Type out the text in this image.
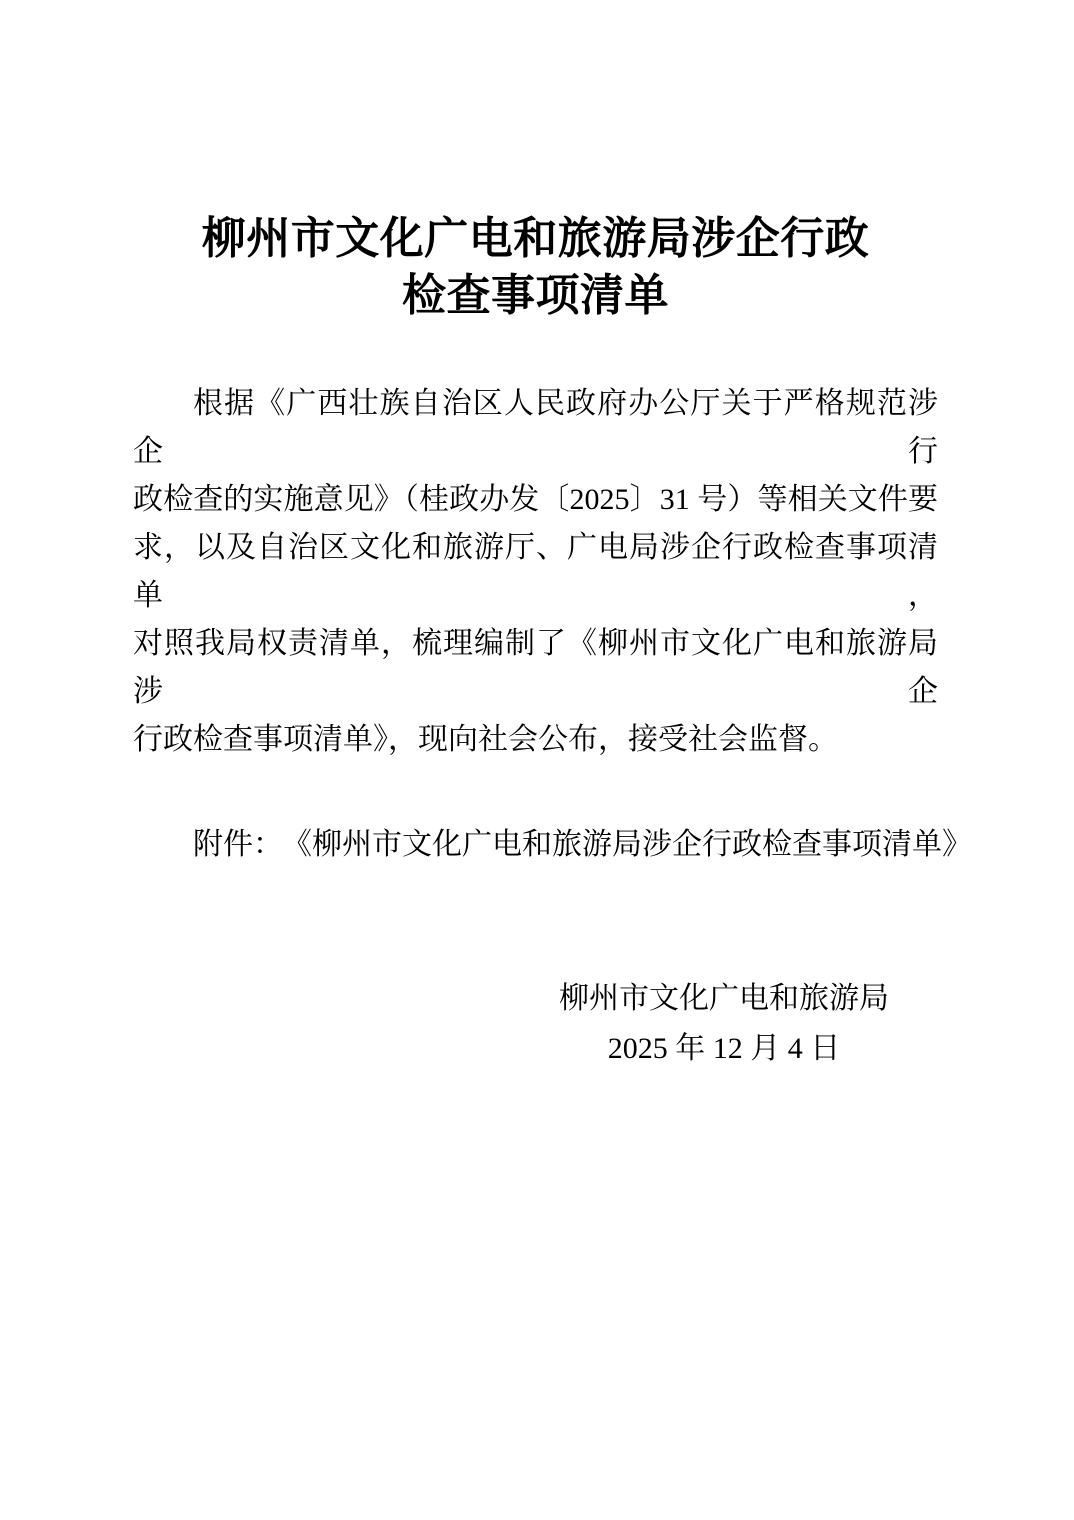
柳州市文化广电和旅游局涉企行政
检查事项清单
根据《广西壮族自治区人民政府办公厅关于严格规范涉企行
政检查的实施意见》（桂政办发〔2025〕31 号）等相关文件要
求，以及自治区文化和旅游厅、广电局涉企行政检查事项清单，
对照我局权责清单，梳理编制了《柳州市文化广电和旅游局涉企
行政检查事项清单》，现向社会公布，接受社会监督。
附件： 《柳州市文化广电和旅游局涉企行政检查事项清单》
柳州市文化广电和旅游局
2025 年 12 月 4 日
